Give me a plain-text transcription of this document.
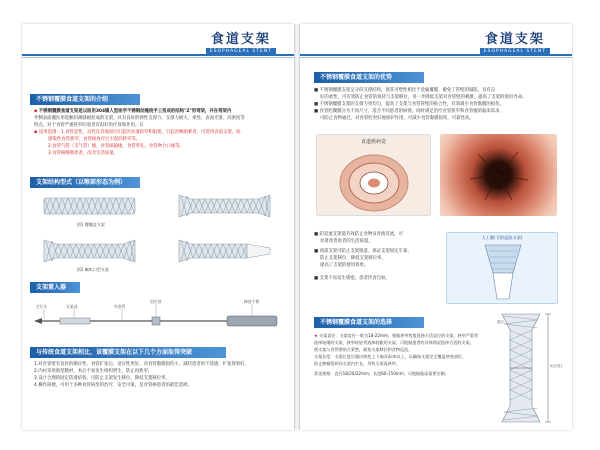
食道支架
ESOPHAGEAL STENT
不锈钢覆膜食道支架的介绍
◆ 不锈钢覆膜食道支架是以医用304镍人型医学不锈钢丝缠绕手工扭成的结构"Z"形弯架，并在弯架内
外侧表面覆医用硅酮切薄腈耐拒成的支架。具有良好的弹性支撑力、支撑力极大、柔性、表面光滑、高密度等
特点，对于食管严重狭窄的患者有很好的疗效和作用。在
◆ 适用范围：1.食管恶性、良性及其他原因引起的食道狭窄和阻塞，引起吞咽困难者，可选用食道支架，如：
感染性食管狭窄，食管癌放疗后引起的狭窄等。
2.食管气管（支气管）瘘，食管纵隔瘘，食管穿孔，食管吻合口瘘等。
3.食管癌晚期患者，改善生活质量。
支架结构型式（以喉部形态为例）
图1 覆膜直支架
图2 喇叭口型支架
支架置入器
定位头	支架部	外套管
固定锁	释放手柄
与传统食道支架相比，该覆膜支架在以下几个方面取得突破
1.对食管壁有良好的顺应性，食管扩张后，适应性更好，对食管黏膜损伤小，减轻患者的不适感，扩张效果好，
2.内衬采用新型膜材，术后不易发生组织增生，防止再狭窄，
3.设计合理的固定防滑结构，可防止支架发生移位，降低支架移位率，
4.操作简便，可用于多种食管病变的治疗，安全可靠，是食管癌患者的最佳选择。
食道支架
ESOPHAGEAL STENT
不锈钢覆膜食道支架的优势
■ 不锈钢覆膜支架呈分段支撑结构，使其可塑性相比于金属覆膜，避免了管壁的塌陷，具有良
好的柔性，可有效防止食管的扭转与支架移位，进一步降低支架对食管壁的刺激，提高了支架的使用寿命。
■ 不锈钢覆膜支架的支撑力更均匀，提高了支架与食管管壁的贴合性，有效减少食管黏膜的损伤。
■ 食管腔覆膜分为不同尺寸，适合不同患者的病情，同时满足治疗食管狭窄和食管瘘的临床需求，
可防止食物通过，对食管腔更好地保护作用，可减少食管黏膜损伤，可靠性高。
食道癌病变
■ 防返流支架能有效防止食物及胃液反流，可
显著改善患者的生活质量。
■ 颈部支架可防止支架脱落，保证支架固定牢靠，
防止支架移位，降低支架移位率，
提高了支架的使用效果。
■ 支架不易发生堵塞，患者饮食自如。
人工瓣门(防返流支架)
不锈钢覆膜食道支架的选择
★ 支架直径：支架直径一般为18-22mm，根据狭窄程度选择合适直径的支架，狭窄严重者
选择较细的支架，狭窄较轻者选择较粗的支架。可根据患者的具体情况选择合适的支架，
使支架与食管壁贴合紧密，避免支架移位和食物反流。
支架长度：支架长度应超出病变上下端各2cm以上，以确保支架完全覆盖病变部位，
防止肿瘤组织向支架内生长，导致支架再狭窄。
常见规格：直径18/20/22mm，长度60-150mm，可根据临床需要定制。
A(长度)
端口
